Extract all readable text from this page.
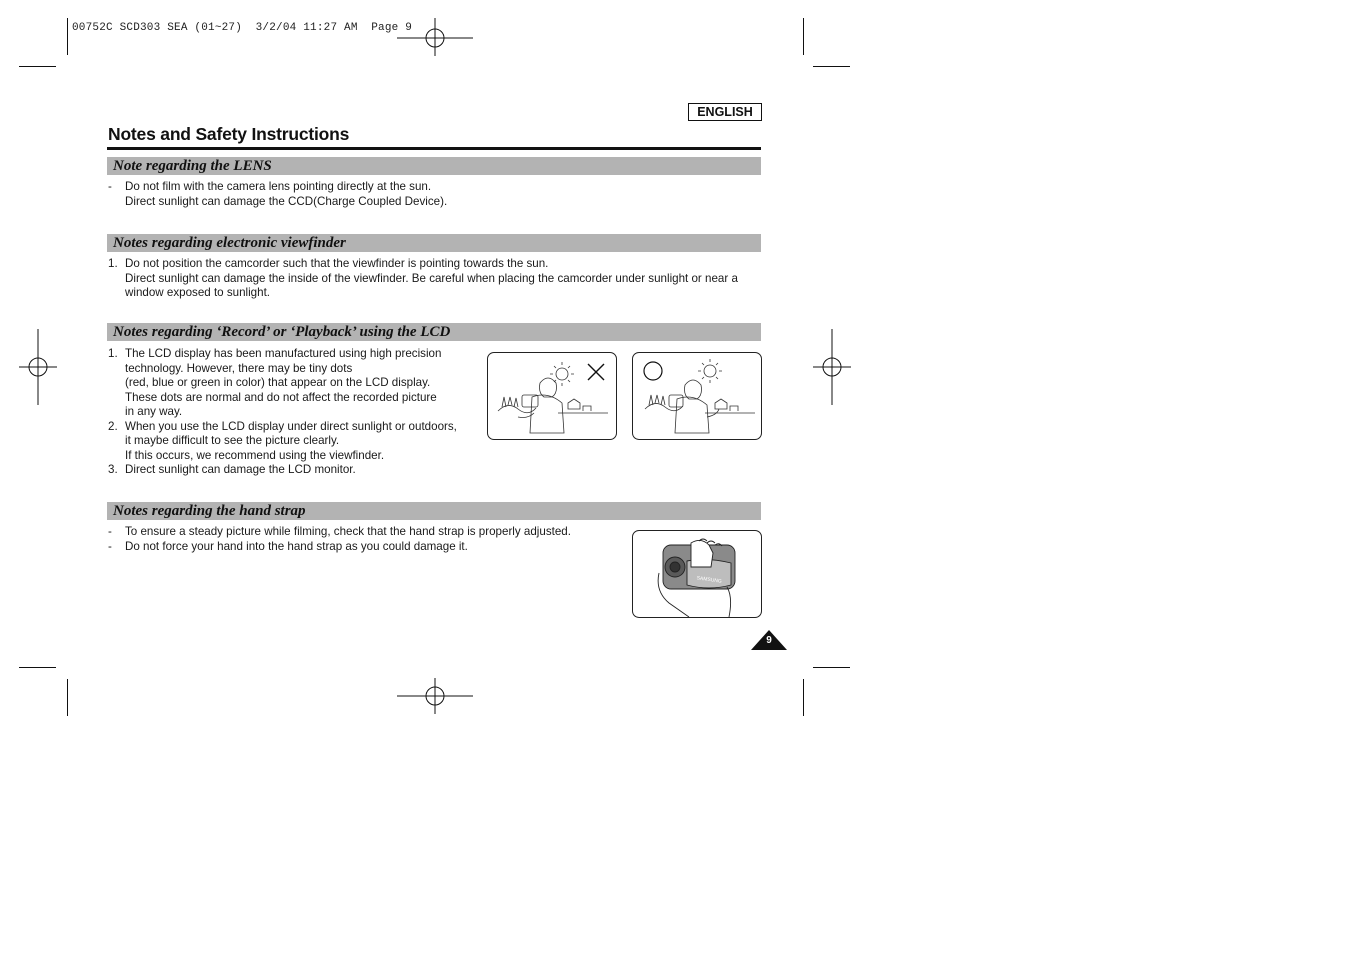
00752C SCD303 SEA (01~27)  3/2/04 11:27 AM  Page 9
ENGLISH
Notes and Safety Instructions
Note regarding the LENS
- Do not film with the camera lens pointing directly at the sun.
Direct sunlight can damage the CCD(Charge Coupled Device).
Notes regarding electronic viewfinder
1. Do not position the camcorder such that the viewfinder is pointing towards the sun.
Direct sunlight can damage the inside of the viewfinder. Be careful when placing the camcorder under sunlight or near a
window exposed to sunlight.
Notes regarding ‘Record’ or ‘Playback’ using the LCD
1. The LCD display has been manufactured using high precision
technology. However, there may be tiny dots
(red, blue or green in color) that appear on the LCD display.
These dots are normal and do not affect the recorded picture
in any way.
2. When you use the LCD display under direct sunlight or outdoors,
it maybe difficult to see the picture clearly.
If this occurs, we recommend using the viewfinder.
3. Direct sunlight can damage the LCD monitor.
Notes regarding the hand strap
- To ensure a steady picture while filming, check that the hand strap is properly adjusted.
- Do not force your hand into the hand strap as you could damage it.
SAMSUNG
9
